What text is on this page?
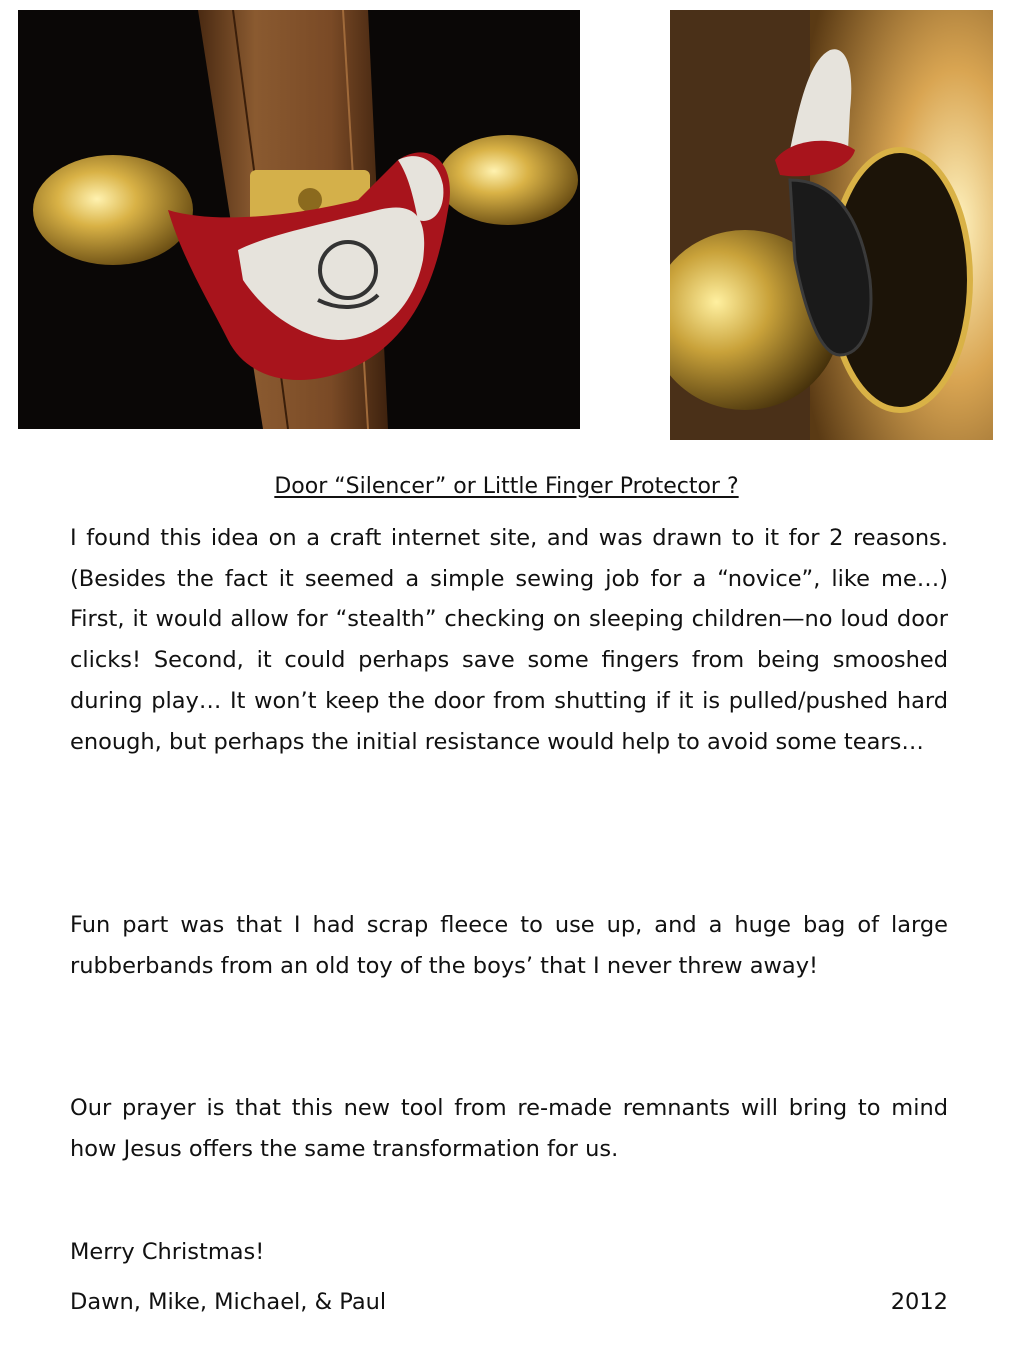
Door “Silencer” or Little Finger Protector ?

I found this idea on a craft internet site, and was drawn to it for 2 reasons. (Besides the fact it seemed a simple sewing job for a “novice”, like me…) First, it would allow for “stealth” checking on sleeping children—no loud door clicks! Second, it could perhaps save some fingers from being smooshed during play… It won’t keep the door from shutting if it is pulled/pushed hard enough, but perhaps the initial resistance would help to avoid some tears…

Fun part was that I had scrap fleece to use up, and a huge bag of large rubberbands from an old toy of the boys’ that I never threw away!

Our prayer is that this new tool from re-made remnants will bring to mind how Jesus offers the same transformation for us.

Merry Christmas!
Dawn, Mike, Michael, & Paul	2012
